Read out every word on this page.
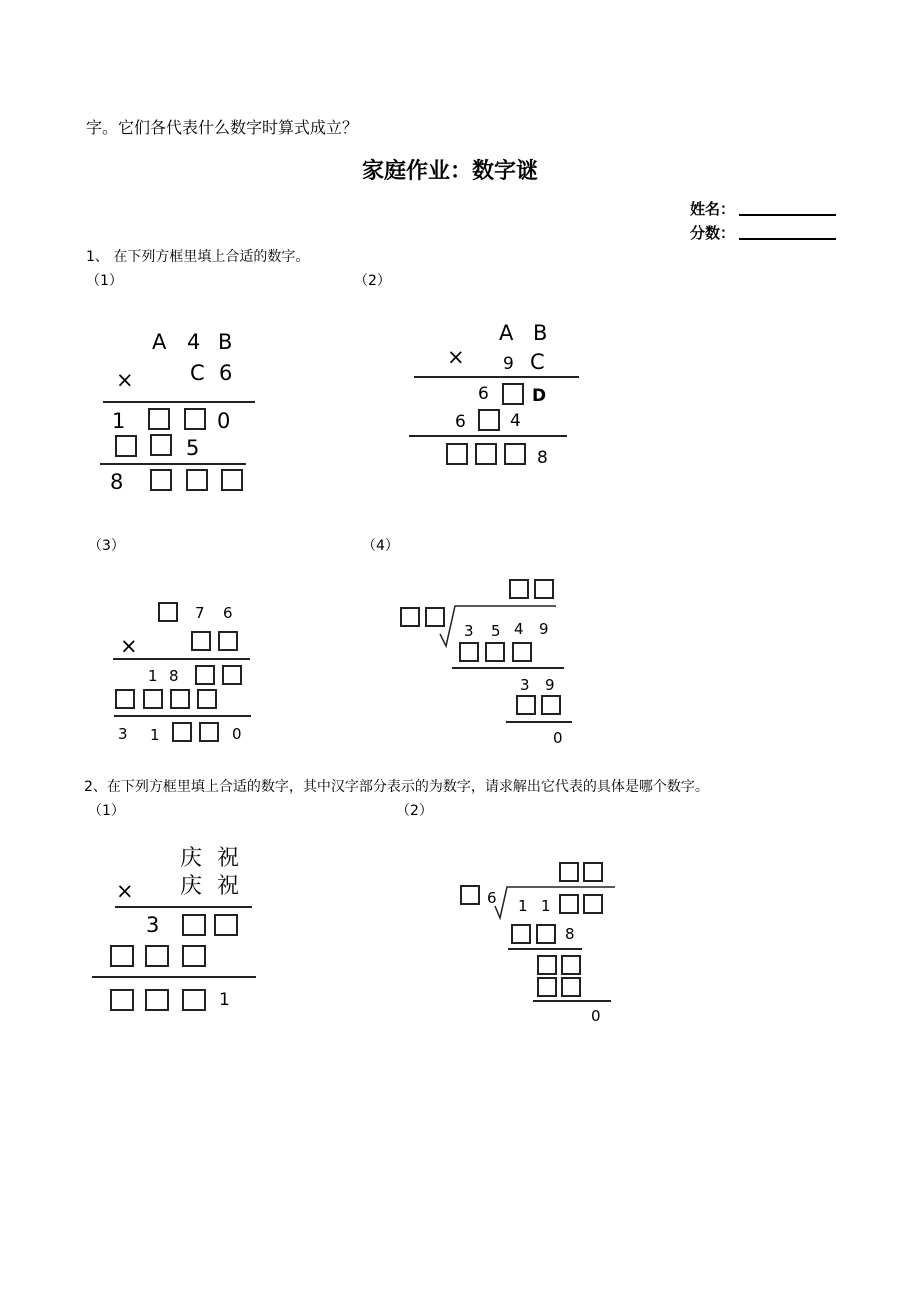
字。它们各代表什么数字时算式成立？
家庭作业：数字谜
姓名：
分数：
1、 在下列方框里填上合适的数字。
（1）	（2）
A 4 B
×	C 6
1	0
5
8
A B
× 9 C
6	D
6	4
8
（3）	（4）
7 6
×
1 8
3 1	0
3 5 4 9
3 9
0
2、在下列方框里填上合适的数字，其中汉字部分表示的为数字，请求解出它代表的具体是哪个数字。
（1）	（2）
庆 祝
× 庆 祝
3
1
6 1 1
8
0
